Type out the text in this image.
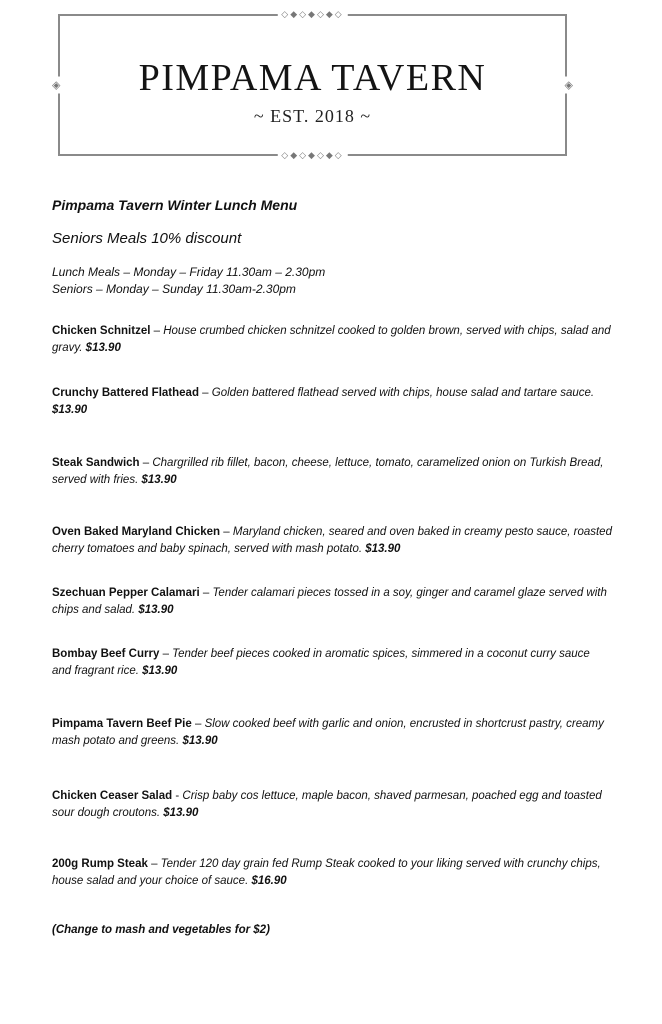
◇◆◇◆◇◆◇
◇◆◇◆◇◆◇
◈	◈
PIMPAMA TAVERN
~ EST. 2018 ~
Pimpama Tavern Winter Lunch Menu
Seniors Meals 10% discount
Lunch Meals – Monday – Friday 11.30am – 2.30pm
Seniors – Monday – Sunday 11.30am-2.30pm
Chicken Schnitzel – House crumbed chicken schnitzel cooked to golden brown, served with chips, salad and gravy. $13.90
Crunchy Battered Flathead – Golden battered flathead served with chips, house salad and tartare sauce. $13.90
Steak Sandwich – Chargrilled rib fillet, bacon, cheese, lettuce, tomato, caramelized onion on Turkish Bread, served with fries. $13.90
Oven Baked Maryland Chicken – Maryland chicken, seared and oven baked in creamy pesto sauce, roasted cherry tomatoes and baby spinach, served with mash potato. $13.90
Szechuan Pepper Calamari – Tender calamari pieces tossed in a soy, ginger and caramel glaze served with chips and salad. $13.90
Bombay Beef Curry – Tender beef pieces cooked in aromatic spices, simmered in a coconut curry sauce and fragrant rice. $13.90
Pimpama Tavern Beef Pie – Slow cooked beef with garlic and onion, encrusted in shortcrust pastry, creamy mash potato and greens. $13.90
Chicken Ceaser Salad - Crisp baby cos lettuce, maple bacon, shaved parmesan, poached egg and toasted sour dough croutons. $13.90
200g Rump Steak – Tender 120 day grain fed Rump Steak cooked to your liking served with crunchy chips, house salad and your choice of sauce. $16.90
(Change to mash and vegetables for $2)
